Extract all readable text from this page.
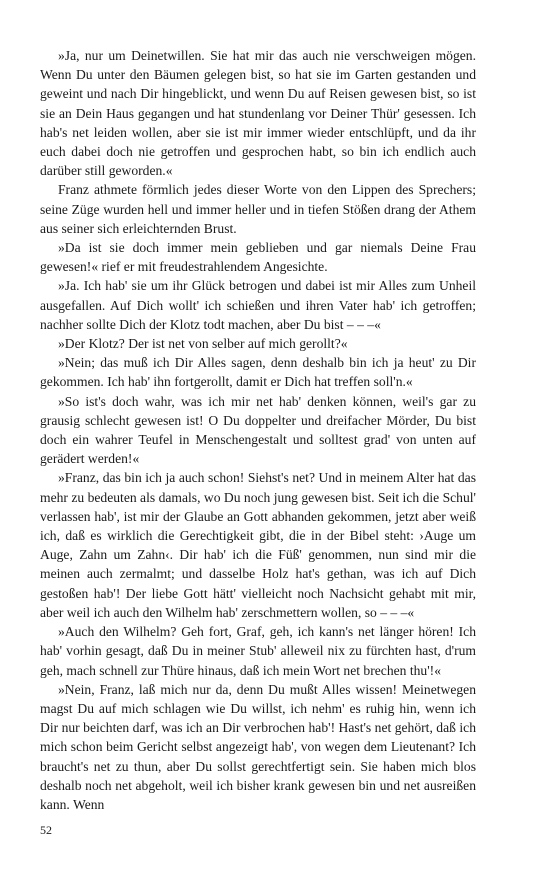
»Ja, nur um Deinetwillen. Sie hat mir das auch nie verschweigen mögen. Wenn Du unter den Bäumen gelegen bist, so hat sie im Garten gestanden und geweint und nach Dir hingeblickt, und wenn Du auf Reisen gewesen bist, so ist sie an Dein Haus gegangen und hat stundenlang vor Deiner Thür' gesessen. Ich hab's net leiden wollen, aber sie ist mir immer wieder entschlüpft, und da ihr euch dabei doch nie getroffen und gesprochen habt, so bin ich endlich auch darüber still geworden.«

Franz athmete förmlich jedes dieser Worte von den Lippen des Sprechers; seine Züge wurden hell und immer heller und in tiefen Stößen drang der Athem aus seiner sich erleichternden Brust.

»Da ist sie doch immer mein geblieben und gar niemals Deine Frau gewesen!« rief er mit freudestrahlendem Angesichte.

»Ja. Ich hab' sie um ihr Glück betrogen und dabei ist mir Alles zum Unheil ausgefallen. Auf Dich wollt' ich schießen und ihren Vater hab' ich getroffen; nachher sollte Dich der Klotz todt machen, aber Du bist – – –«

»Der Klotz? Der ist net von selber auf mich gerollt?«

»Nein; das muß ich Dir Alles sagen, denn deshalb bin ich ja heut' zu Dir gekommen. Ich hab' ihn fortgerollt, damit er Dich hat treffen soll'n.«

»So ist's doch wahr, was ich mir net hab' denken können, weil's gar zu grausig schlecht gewesen ist! O Du doppelter und dreifacher Mörder, Du bist doch ein wahrer Teufel in Menschengestalt und solltest grad' von unten auf gerädert werden!«

»Franz, das bin ich ja auch schon! Siehst's net? Und in meinem Alter hat das mehr zu bedeuten als damals, wo Du noch jung gewesen bist. Seit ich die Schul' verlassen hab', ist mir der Glaube an Gott abhanden gekommen, jetzt aber weiß ich, daß es wirklich die Gerechtigkeit gibt, die in der Bibel steht: ›Auge um Auge, Zahn um Zahn‹. Dir hab' ich die Füß' genommen, nun sind mir die meinen auch zermalmt; und dasselbe Holz hat's gethan, was ich auf Dich gestoßen hab'! Der liebe Gott hätt' vielleicht noch Nachsicht gehabt mit mir, aber weil ich auch den Wilhelm hab' zerschmettern wollen, so – – –«

»Auch den Wilhelm? Geh fort, Graf, geh, ich kann's net länger hören! Ich hab' vorhin gesagt, daß Du in meiner Stub' alleweil nix zu fürchten hast, d'rum geh, mach schnell zur Thüre hinaus, daß ich mein Wort net brechen thu'!«

»Nein, Franz, laß mich nur da, denn Du mußt Alles wissen! Meinetwegen magst Du auf mich schlagen wie Du willst, ich nehm' es ruhig hin, wenn ich Dir nur beichten darf, was ich an Dir verbrochen hab'! Hast's net gehört, daß ich mich schon beim Gericht selbst angezeigt hab', von wegen dem Lieutenant? Ich braucht's net zu thun, aber Du sollst gerechtfertigt sein. Sie haben mich blos deshalb noch net abgeholt, weil ich bisher krank gewesen bin und net ausreißen kann. Wenn

52
